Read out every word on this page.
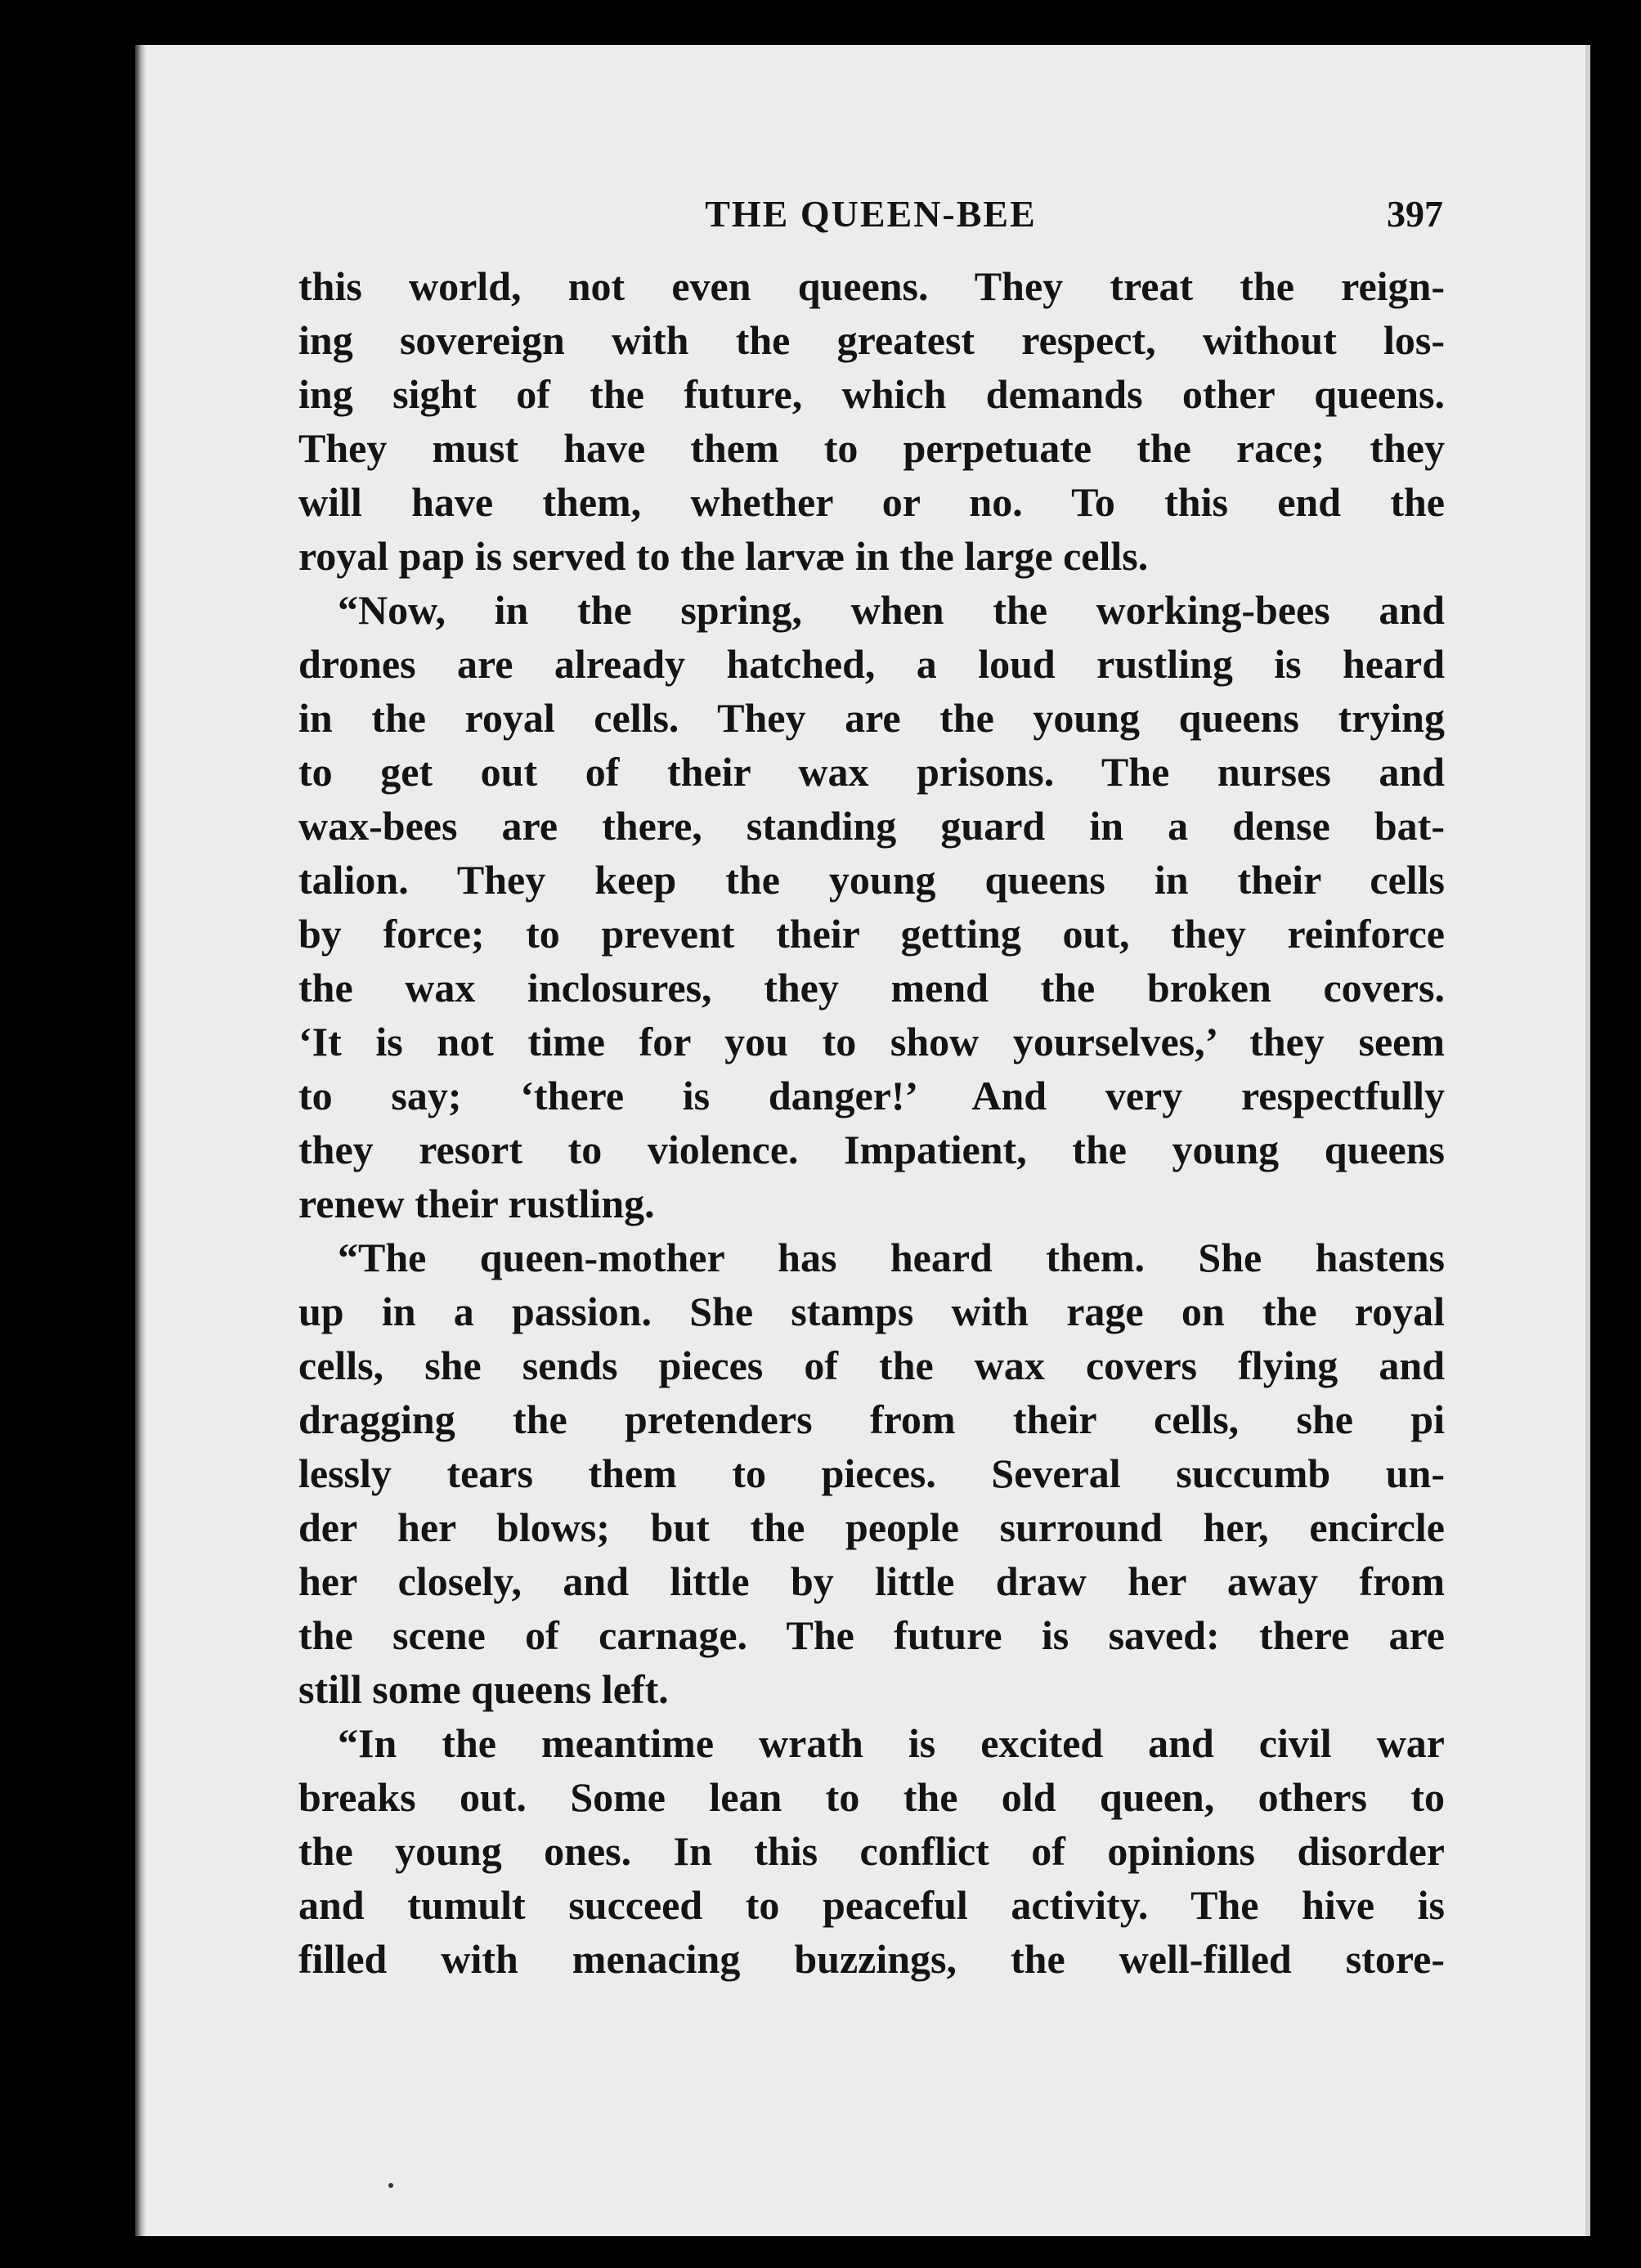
THE QUEEN-BEE	397
this world, not even queens. They treat the reign-
ing sovereign with the greatest respect, without los-
ing sight of the future, which demands other queens.
They must have them to perpetuate the race; they
will have them, whether or no. To this end the
royal pap is served to the larvæ in the large cells.
“Now, in the spring, when the working-bees and
drones are already hatched, a loud rustling is heard
in the royal cells. They are the young queens trying
to get out of their wax prisons. The nurses and
wax-bees are there, standing guard in a dense bat-
talion. They keep the young queens in their cells
by force; to prevent their getting out, they reinforce
the wax inclosures, they mend the broken covers.
‘It is not time for you to show yourselves,’ they seem
to say; ‘there is danger!’ And very respectfully
they resort to violence. Impatient, the young queens
renew their rustling.
“The queen-mother has heard them. She hastens
up in a passion. She stamps with rage on the royal
cells, she sends pieces of the wax covers flying and
dragging the pretenders from their cells, she pi
lessly tears them to pieces. Several succumb un-
der her blows; but the people surround her, encircle
her closely, and little by little draw her away from
the scene of carnage. The future is saved: there are
still some queens left.
“In the meantime wrath is excited and civil war
breaks out. Some lean to the old queen, others to
the young ones. In this conflict of opinions disorder
and tumult succeed to peaceful activity. The hive is
filled with menacing buzzings, the well-filled store-
